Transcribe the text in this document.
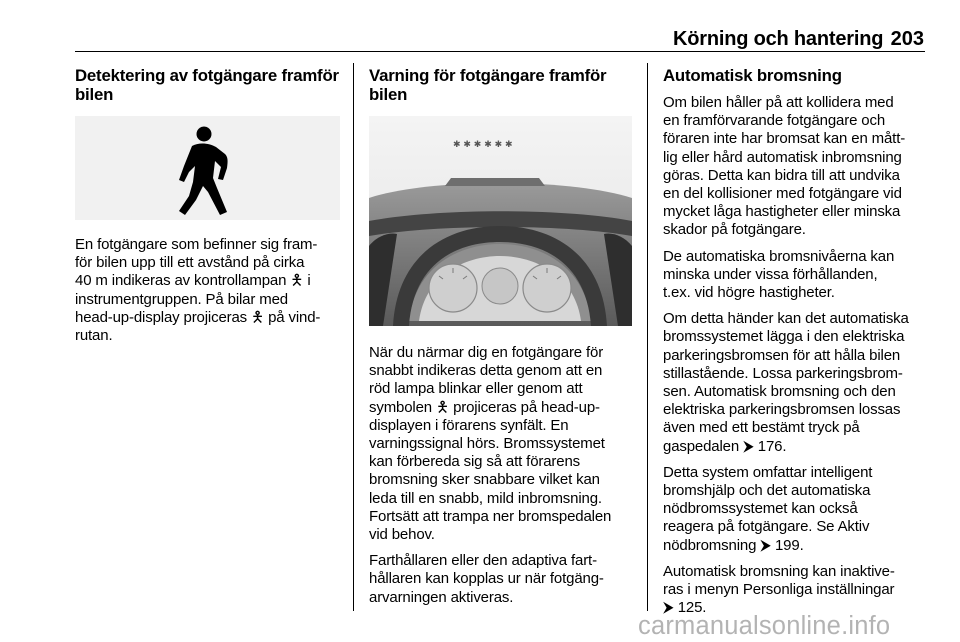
Körning och hantering 203
Detektering av fotgängare framför
bilen

En fotgängare som befinner sig fram-
för bilen upp till ett avstånd på cirka
40 m indikeras av kontrollampan 🯅 i
instrumentgruppen. På bilar med
head-up-display projiceras 🯅 på vind-
rutan.

Varning för fotgängare framför
bilen
✱ ✱ ✱ ✱ ✱ ✱

När du närmar dig en fotgängare för
snabbt indikeras detta genom att en
röd lampa blinkar eller genom att
symbolen 🯅 projiceras på head-up-
displayen i förarens synfält. En
varningssignal hörs. Bromssystemet
kan förbereda sig så att förarens
bromsning sker snabbare vilket kan
leda till en snabb, mild inbromsning.
Fortsätt att trampa ner bromspedalen
vid behov.

Farthållaren eller den adaptiva fart-
hållaren kan kopplas ur när fotgäng-
arvarningen aktiveras.

Automatisk bromsning

Om bilen håller på att kollidera med
en framförvarande fotgängare och
föraren inte har bromsat kan en mått-
lig eller hård automatisk inbromsning
göras. Detta kan bidra till att undvika
en del kollisioner med fotgängare vid
mycket låga hastigheter eller minska
skador på fotgängare.

De automatiska bromsnivåerna kan
minska under vissa förhållanden,
t.ex. vid högre hastigheter.

Om detta händer kan det automatiska
bromssystemet lägga i den elektriska
parkeringsbromsen för att hålla bilen
stillastående. Lossa parkeringsbrom-
sen. Automatisk bromsning och den
elektriska parkeringsbromsen lossas
även med ett bestämt tryck på
gaspedalen ⮞ 176.

Detta system omfattar intelligent
bromshjälp och det automatiska
nödbromssystemet kan också
reagera på fotgängare. Se Aktiv
nödbromsning ⮞ 199.

Automatisk bromsning kan inaktive-
ras i menyn Personliga inställningar
⮞ 125.

carmanualsonline.info
